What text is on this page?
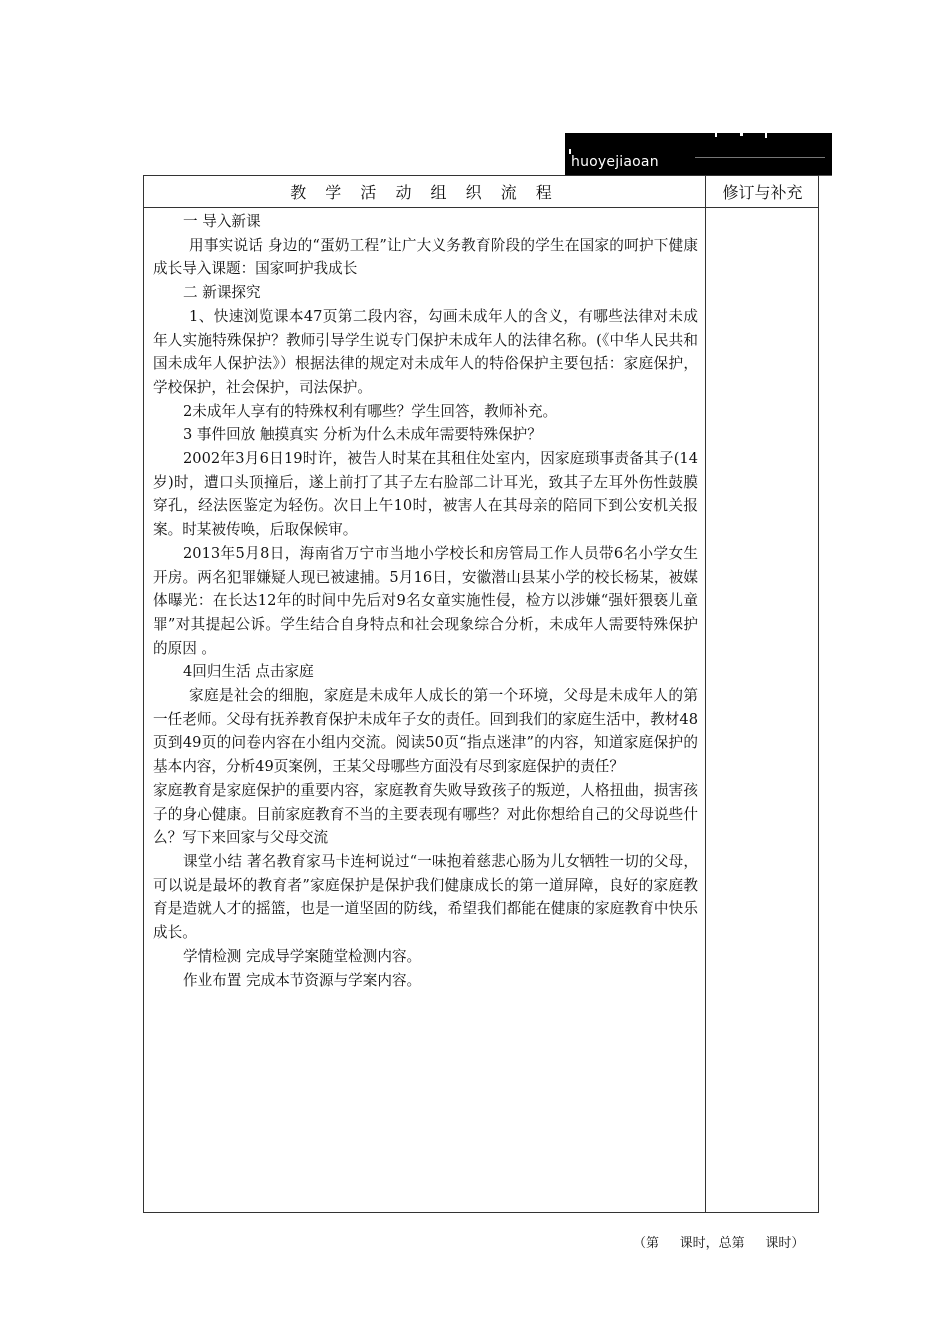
huoyejiaoan
教 学 活 动 组 织 流 程	修订与补充

一 导入新课

用事实说话 身边的“蛋奶工程”让广大义务教育阶段的学生在国家的呵护下健康成长导入课题：国家呵护我成长

二 新课探究

1、快速浏览课本47页第二段内容，勾画未成年人的含义，有哪些法律对未成年人实施特殊保护？教师引导学生说专门保护未成年人的法律名称。(《中华人民共和国未成年人保护法》）根据法律的规定对未成年人的特俗保护主要包括：家庭保护，学校保护，社会保护，司法保护。

2未成年人享有的特殊权利有哪些？学生回答，教师补充。

3 事件回放 触摸真实 分析为什么未成年需要特殊保护？

2002年3月6日19时许，被告人时某在其租住处室内，因家庭琐事责备其子(14岁)时，遭口头顶撞后，遂上前打了其子左右脸部二计耳光，致其子左耳外伤性鼓膜穿孔，经法医鉴定为轻伤。次日上午10时，被害人在其母亲的陪同下到公安机关报案。时某被传唤，后取保候审。

2013年5月8日，海南省万宁市当地小学校长和房管局工作人员带6名小学女生开房。两名犯罪嫌疑人现已被逮捕。5月16日，安徽潜山县某小学的校长杨某，被媒体曝光：在长达12年的时间中先后对9名女童实施性侵，检方以涉嫌“强奸猥亵儿童罪”对其提起公诉。学生结合自身特点和社会现象综合分析，未成年人需要特殊保护的原因 。

4回归生活 点击家庭

家庭是社会的细胞，家庭是未成年人成长的第一个环境，父母是未成年人的第一任老师。父母有抚养教育保护未成年子女的责任。回到我们的家庭生活中，教材48页到49页的问卷内容在小组内交流。阅读50页“指点迷津”的内容，知道家庭保护的基本内容，分析49页案例，王某父母哪些方面没有尽到家庭保护的责任？

家庭教育是家庭保护的重要内容，家庭教育失败导致孩子的叛逆，人格扭曲，损害孩子的身心健康。目前家庭教育不当的主要表现有哪些？对此你想给自己的父母说些什么？写下来回家与父母交流

课堂小结 著名教育家马卡连柯说过“一味抱着慈悲心肠为儿女牺牲一切的父母，可以说是最坏的教育者”家庭保护是保护我们健康成长的第一道屏障，良好的家庭教育是造就人才的摇篮，也是一道坚固的防线，希望我们都能在健康的家庭教育中快乐成长。

学情检测 完成导学案随堂检测内容。

作业布置 完成本节资源与学案内容。

（第     课时，总第     课时）
